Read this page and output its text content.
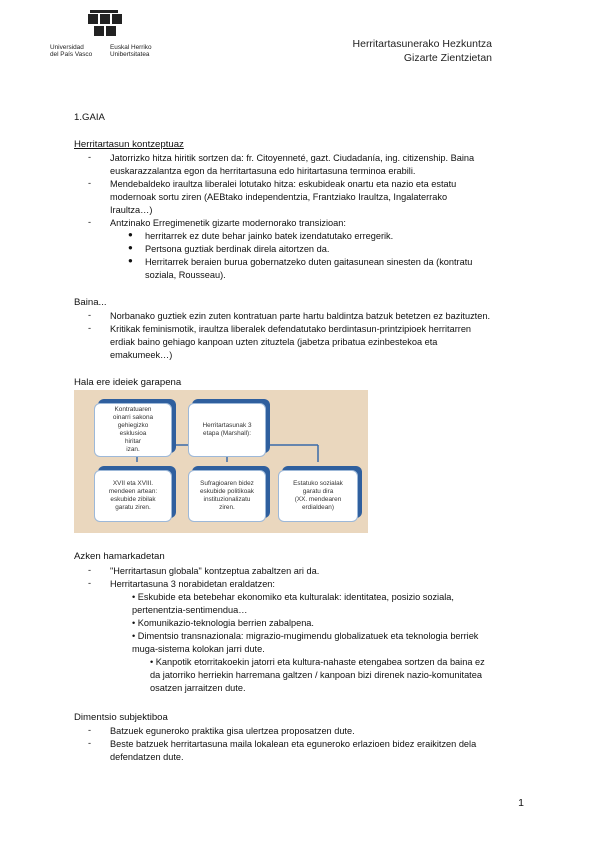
Universidad
del País Vasco
Euskal Herriko
Unibertsitatea
Herritartasunerako Hezkuntza
Gizarte Zientzietan
1.GAIA
Herritartasun kontzeptuaz
Baina...
Hala ere ideiek garapena
Kontratuaren
oinarri sakona
gehiegizko
esklusioa
hiritar
izan.
Herritartasunak 3
etapa (Marshall):
XVII eta XVIII.
mendeen artean:
eskubide zibilak
garatu ziren.
Sufragioaren bidez
eskubide politikoak
instituzionalizatu
ziren.
Estatuko sozialak
garatu dira
(XX. mendearen
erdialdean)
Azken hamarkadetan
Dimentsio subjektiboa
1
- Jatorrizko hitza hiritik sortzen da: fr. Citoyenneté, gazt. Ciudadanía, ing. citizenship. Baina
euskarazzalantza egon da herritartasuna edo hiritartasuna terminoa erabili.
- Mendebaldeko iraultza liberalei lotutako hitza: eskubideak onartu eta nazio eta estatu
modernoak sortu ziren (AEBtako independentzia, Frantziako Iraultza, Ingalaterrako
Iraultza…)
- Antzinako Erregimenetik gizarte modernorako transizioan:
● herritarrek ez dute behar jainko batek izendatutako erregerik.
● Pertsona guztiak berdinak direla aitortzen da.
● Herritarrek beraien burua gobernatzeko duten gaitasunean sinesten da (kontratu
soziala, Rousseau).
- Norbanako guztiek ezin zuten kontratuan parte hartu baldintza batzuk betetzen ez bazituzten.
- Kritikak feminismotik, iraultza liberalek defendatutako berdintasun-printzipioek herritarren
erdiak baino gehiago kanpoan uzten zituztela (jabetza pribatua ezinbestekoa eta
emakumeek…)
- "Herritartasun globala" kontzeptua zabaltzen ari da.
- Herritartasuna 3 norabidetan eraldatzen:
• Eskubide eta betebehar ekonomiko eta kulturalak: identitatea, posizio soziala,
pertenentzia-sentimendua…
• Komunikazio-teknologia berrien zabalpena.
• Dimentsio transnazionala: migrazio-mugimendu globalizatuek eta teknologia berriek
muga-sistema kolokan jarri dute.
• Kanpotik etorritakoekin jatorri eta kultura-nahaste etengabea sortzen da baina ez
da jatorriko herriekin harremana galtzen / kanpoan bizi direnek nazio-komunitatea
osatzen jarraitzen dute.
- Batzuek eguneroko praktika gisa ulertzea proposatzen dute.
- Beste batzuek herritartasuna maila lokalean eta eguneroko erlazioen bidez eraikitzen dela
defendatzen dute.
